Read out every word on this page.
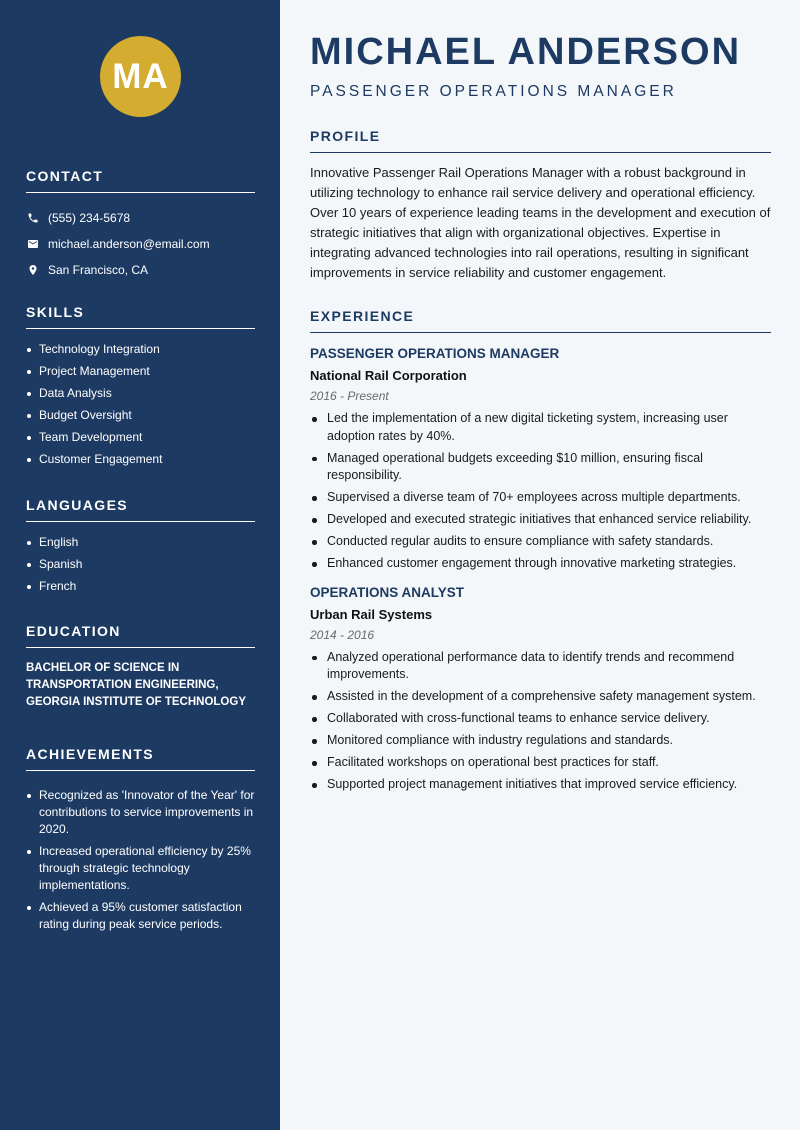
MA
CONTACT
(555) 234-5678
michael.anderson@email.com
San Francisco, CA
SKILLS
Technology Integration
Project Management
Data Analysis
Budget Oversight
Team Development
Customer Engagement
LANGUAGES
English
Spanish
French
EDUCATION

BACHELOR OF SCIENCE IN TRANSPORTATION ENGINEERING, GEORGIA INSTITUTE OF TECHNOLOGY

ACHIEVEMENTS
Recognized as 'Innovator of the Year' for contributions to service improvements in 2020.
Increased operational efficiency by 25% through strategic technology implementations.
Achieved a 95% customer satisfaction rating during peak service periods.
MICHAEL ANDERSON
PASSENGER OPERATIONS MANAGER
PROFILE

Innovative Passenger Rail Operations Manager with a robust background in utilizing technology to enhance rail service delivery and operational efficiency. Over 10 years of experience leading teams in the development and execution of strategic initiatives that align with organizational objectives. Expertise in integrating advanced technologies into rail operations, resulting in significant improvements in service reliability and customer engagement.

EXPERIENCE
PASSENGER OPERATIONS MANAGER
National Rail Corporation
2016 - Present
Led the implementation of a new digital ticketing system, increasing user adoption rates by 40%.
Managed operational budgets exceeding $10 million, ensuring fiscal responsibility.
Supervised a diverse team of 70+ employees across multiple departments.
Developed and executed strategic initiatives that enhanced service reliability.
Conducted regular audits to ensure compliance with safety standards.
Enhanced customer engagement through innovative marketing strategies.
OPERATIONS ANALYST
Urban Rail Systems
2014 - 2016
Analyzed operational performance data to identify trends and recommend improvements.
Assisted in the development of a comprehensive safety management system.
Collaborated with cross-functional teams to enhance service delivery.
Monitored compliance with industry regulations and standards.
Facilitated workshops on operational best practices for staff.
Supported project management initiatives that improved service efficiency.
